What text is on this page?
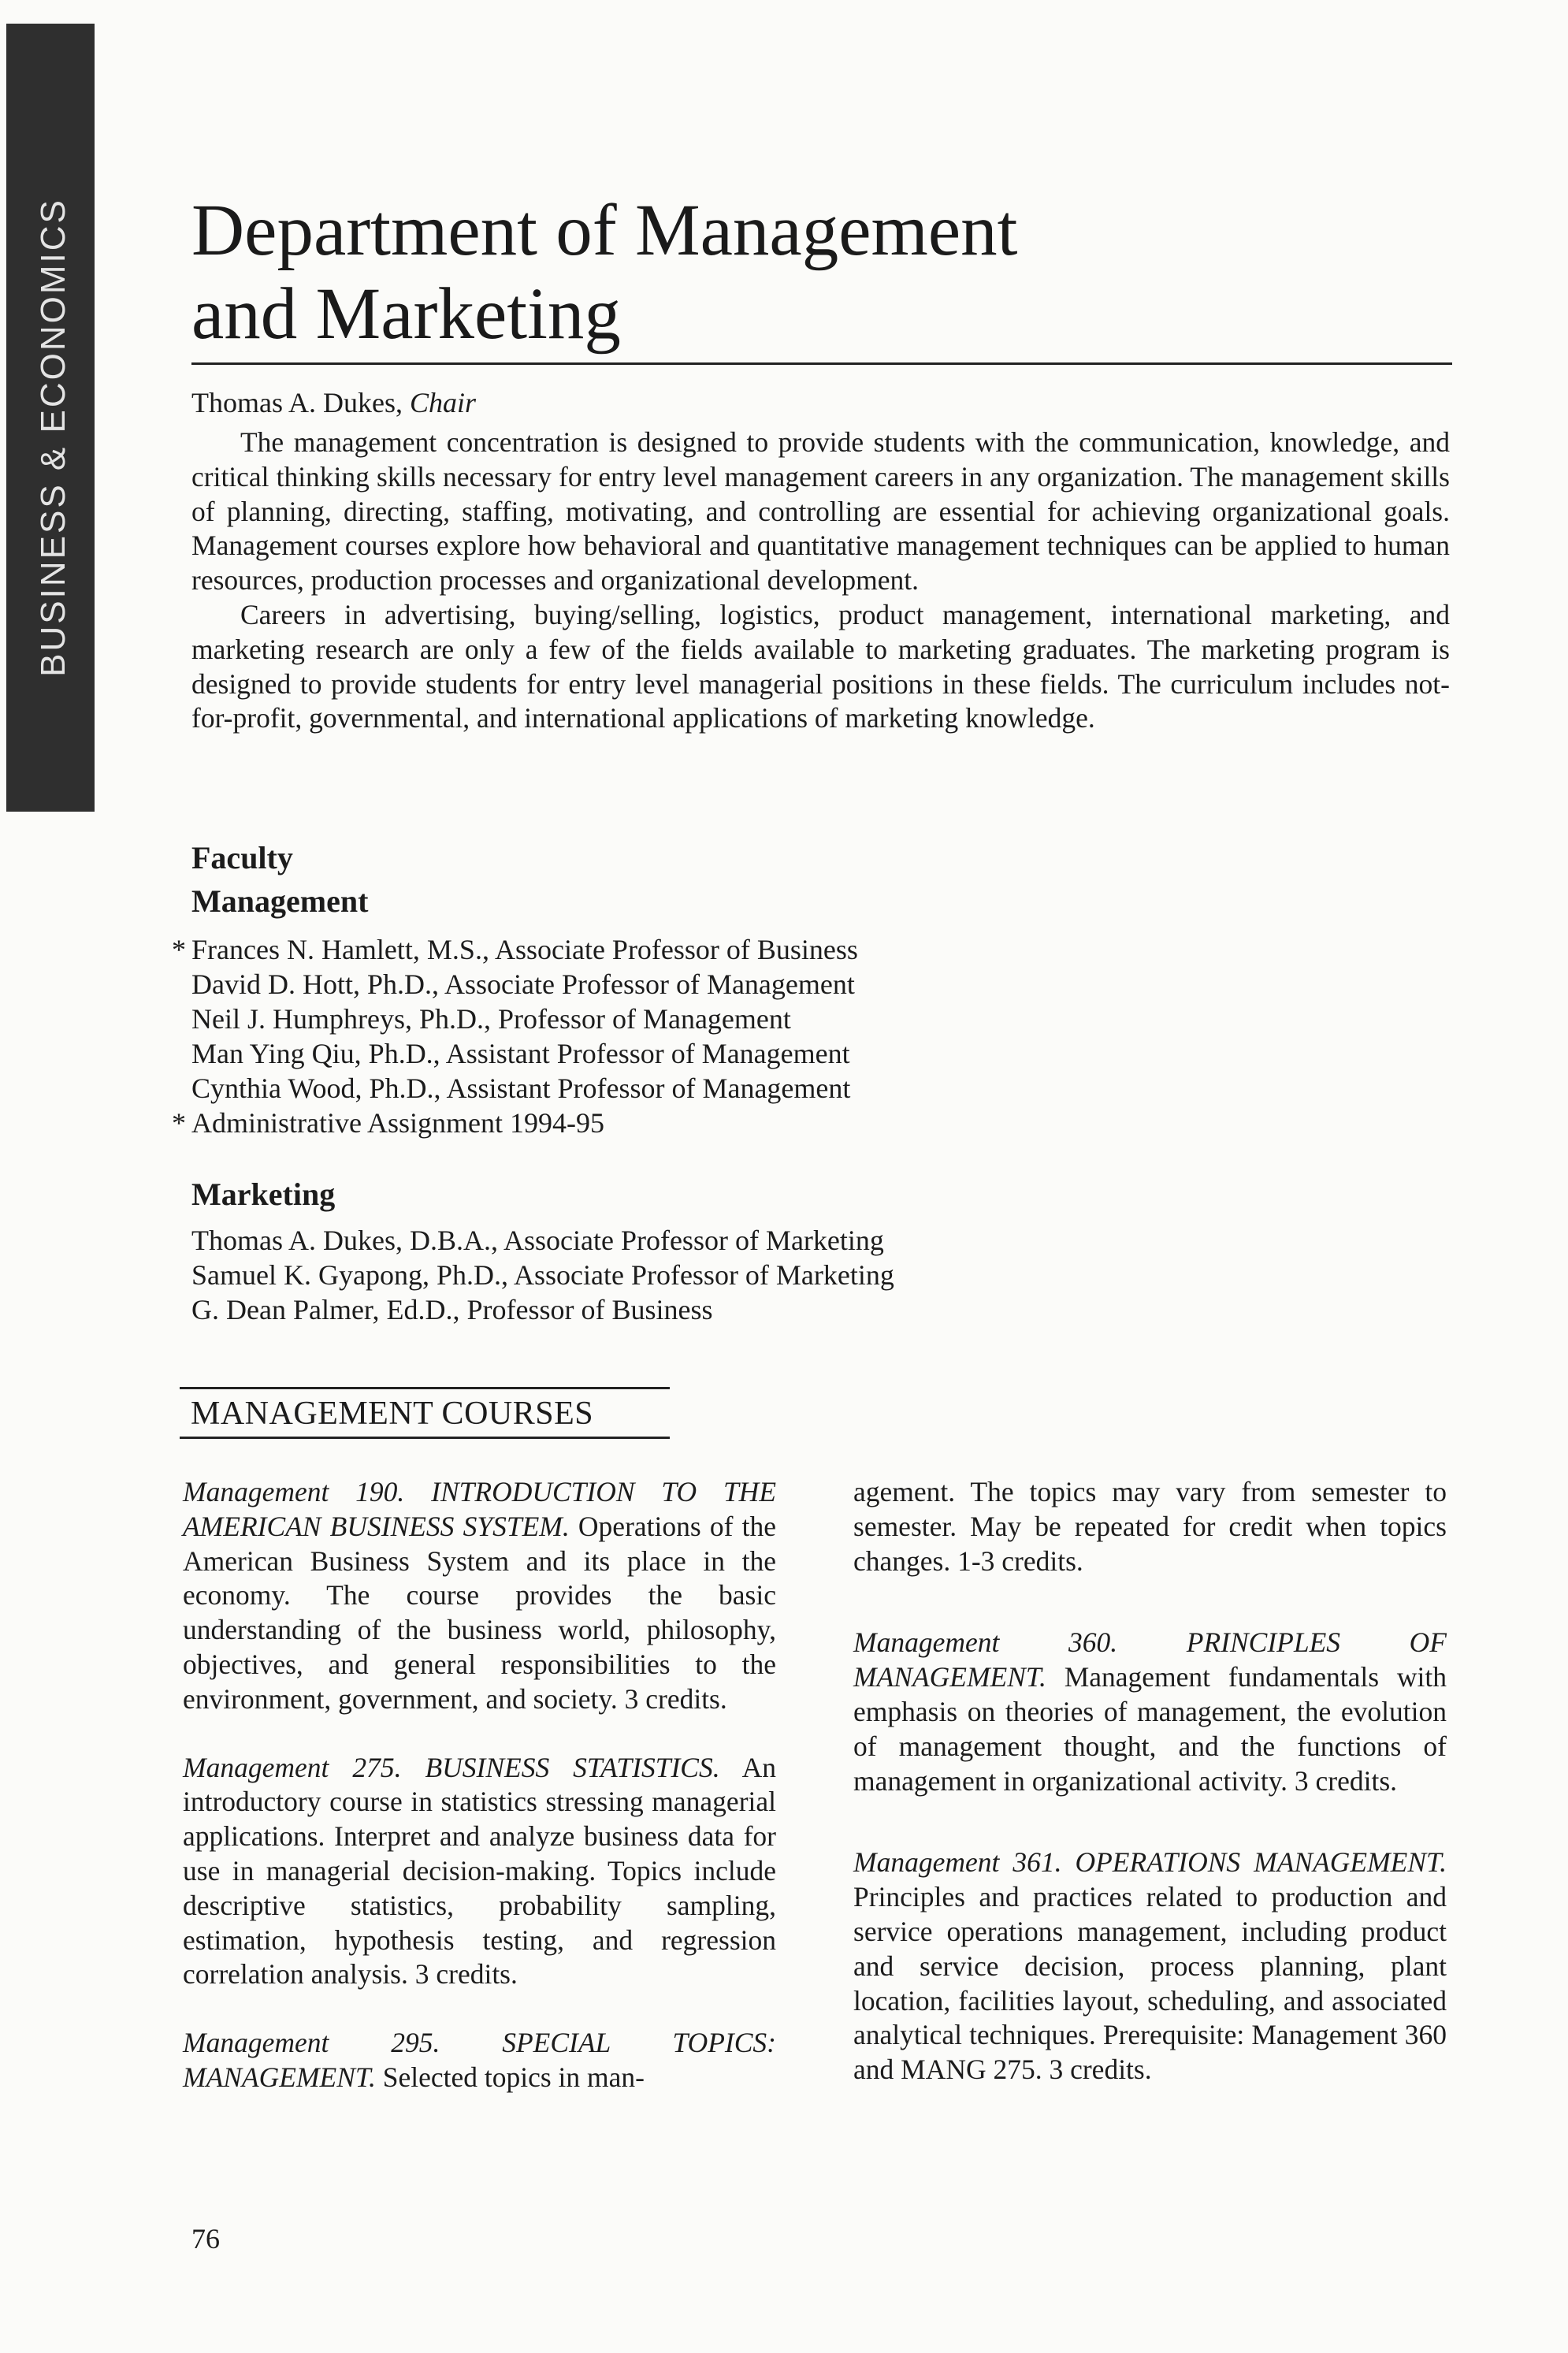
BUSINESS & ECONOMICS Department of Management
and Marketing
Thomas A. Dukes, Chair

The management concentration is designed to provide students with the communication, knowledge, and critical thinking skills necessary for entry level management careers in any organization. The management skills of planning, directing, staffing, motivating, and controlling are essential for achieving organizational goals. Management courses explore how behavioral and quantitative management techniques can be applied to human resources, production processes and organizational development.

Careers in advertising, buying/selling, logistics, product management, international marketing, and marketing research are only a few of the fields available to marketing graduates. The marketing program is designed to provide students for entry level managerial positions in these fields. The curriculum includes not-for-profit, governmental, and international applications of marketing knowledge.

Faculty
Management
* Frances N. Hamlett, M.S., Associate Professor of Business
David D. Hott, Ph.D., Associate Professor of Management
Neil J. Humphreys, Ph.D., Professor of Management
Man Ying Qiu, Ph.D., Assistant Professor of Management
Cynthia Wood, Ph.D., Assistant Professor of Management
* Administrative Assignment 1994-95
Marketing
Thomas A. Dukes, D.B.A., Associate Professor of Marketing
Samuel K. Gyapong, Ph.D., Associate Professor of Marketing
G. Dean Palmer, Ed.D., Professor of Business
MANAGEMENT COURSES

Management 190. INTRODUCTION TO THE AMERICAN BUSINESS SYSTEM. Operations of the American Business System and its place in the economy. The course provides the basic understanding of the business world, philosophy, objectives, and general responsibilities to the environment, government, and society. 3 credits.

Management 275. BUSINESS STATISTICS. An introductory course in statistics stressing managerial applications. Interpret and analyze business data for use in managerial decision-making. Topics include descriptive statistics, probability sampling, estimation, hypothesis testing, and regression correlation analysis. 3 credits.

Management 295. SPECIAL TOPICS: MANAGEMENT. Selected topics in man-

agement. The topics may vary from semester to semester. May be repeated for credit when topics changes. 1-3 credits.

Management 360. PRINCIPLES OF MANAGEMENT. Management fundamentals with emphasis on theories of management, the evolution of management thought, and the functions of management in organizational activity. 3 credits.

Management 361. OPERATIONS MANAGEMENT. Principles and practices related to production and service operations management, including product and service decision, process planning, plant location, facilities layout, scheduling, and associated analytical techniques. Prerequisite: Management 360 and MANG 275. 3 credits.

76
